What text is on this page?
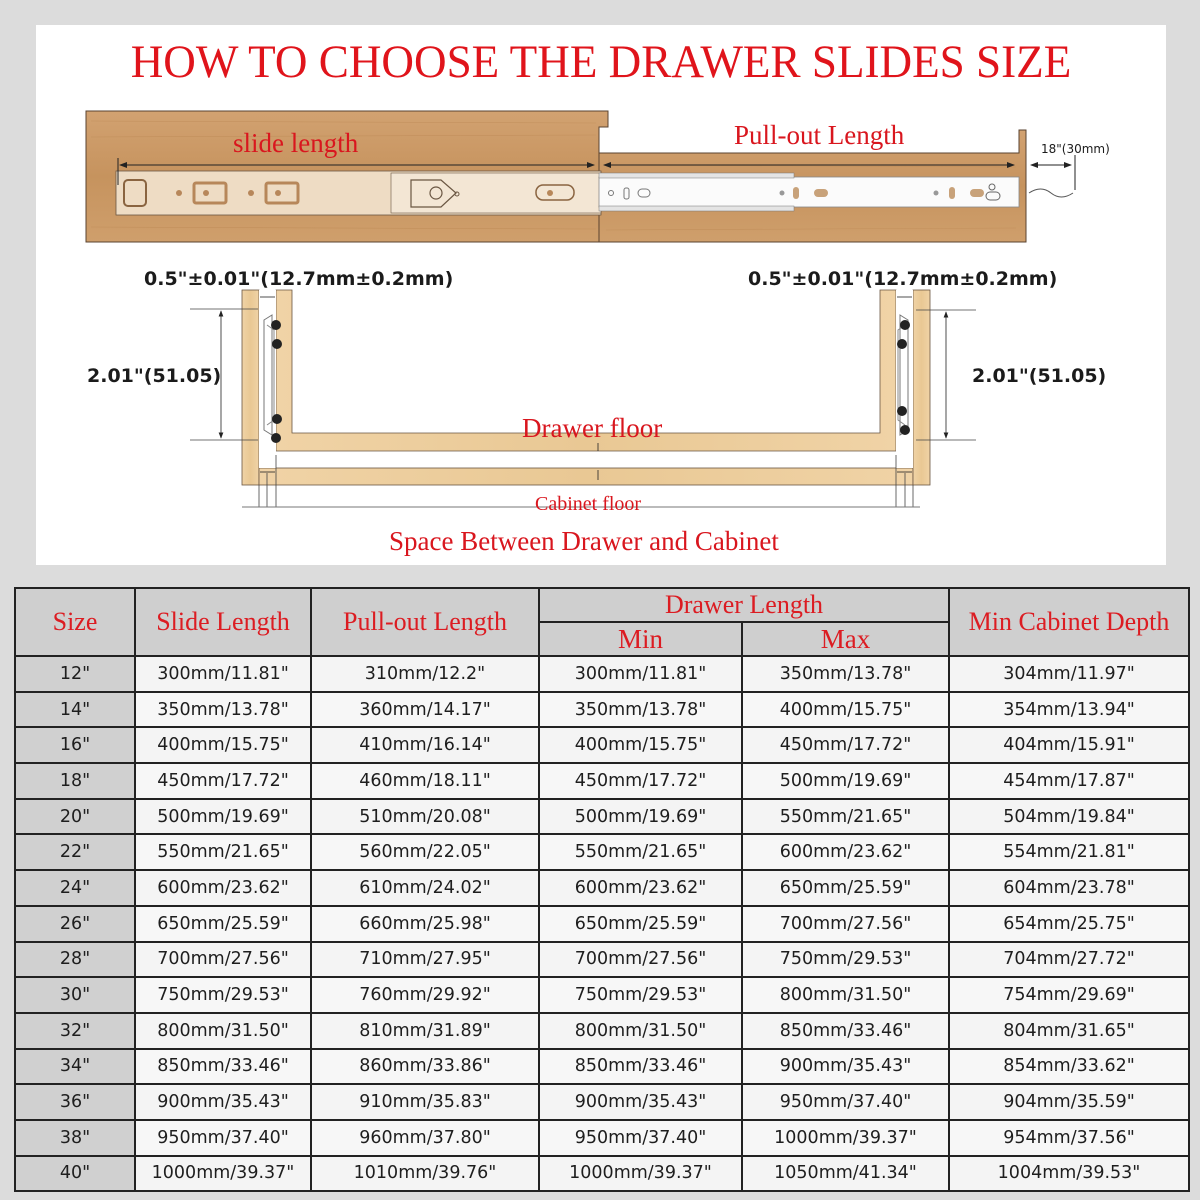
HOW TO CHOOSE THE DRAWER SLIDES SIZE
slide length	Pull-out Length	18"(30mm)
0.5"±0.01"(12.7mm±0.2mm)	0.5"±0.01"(12.7mm±0.2mm)
2.01"(51.05)	2.01"(51.05)
Drawer floor
Cabinet floor
Space Between Drawer and Cabinet
Size	Slide Length	Pull-out Length	Drawer Length		Min Cabinet Depth
			Min	Max	
12"	300mm/11.81"	310mm/12.2"	300mm/11.81"	350mm/13.78"	304mm/11.97"
14"	350mm/13.78"	360mm/14.17"	350mm/13.78"	400mm/15.75"	354mm/13.94"
16"	400mm/15.75"	410mm/16.14"	400mm/15.75"	450mm/17.72"	404mm/15.91"
18"	450mm/17.72"	460mm/18.11"	450mm/17.72"	500mm/19.69"	454mm/17.87"
20"	500mm/19.69"	510mm/20.08"	500mm/19.69"	550mm/21.65"	504mm/19.84"
22"	550mm/21.65"	560mm/22.05"	550mm/21.65"	600mm/23.62"	554mm/21.81"
24"	600mm/23.62"	610mm/24.02"	600mm/23.62"	650mm/25.59"	604mm/23.78"
26"	650mm/25.59"	660mm/25.98"	650mm/25.59"	700mm/27.56"	654mm/25.75"
28"	700mm/27.56"	710mm/27.95"	700mm/27.56"	750mm/29.53"	704mm/27.72"
30"	750mm/29.53"	760mm/29.92"	750mm/29.53"	800mm/31.50"	754mm/29.69"
32"	800mm/31.50"	810mm/31.89"	800mm/31.50"	850mm/33.46"	804mm/31.65"
34"	850mm/33.46"	860mm/33.86"	850mm/33.46"	900mm/35.43"	854mm/33.62"
36"	900mm/35.43"	910mm/35.83"	900mm/35.43"	950mm/37.40"	904mm/35.59"
38"	950mm/37.40"	960mm/37.80"	950mm/37.40"	1000mm/39.37"	954mm/37.56"
40"	1000mm/39.37"	1010mm/39.76"	1000mm/39.37"	1050mm/41.34"	1004mm/39.53"
